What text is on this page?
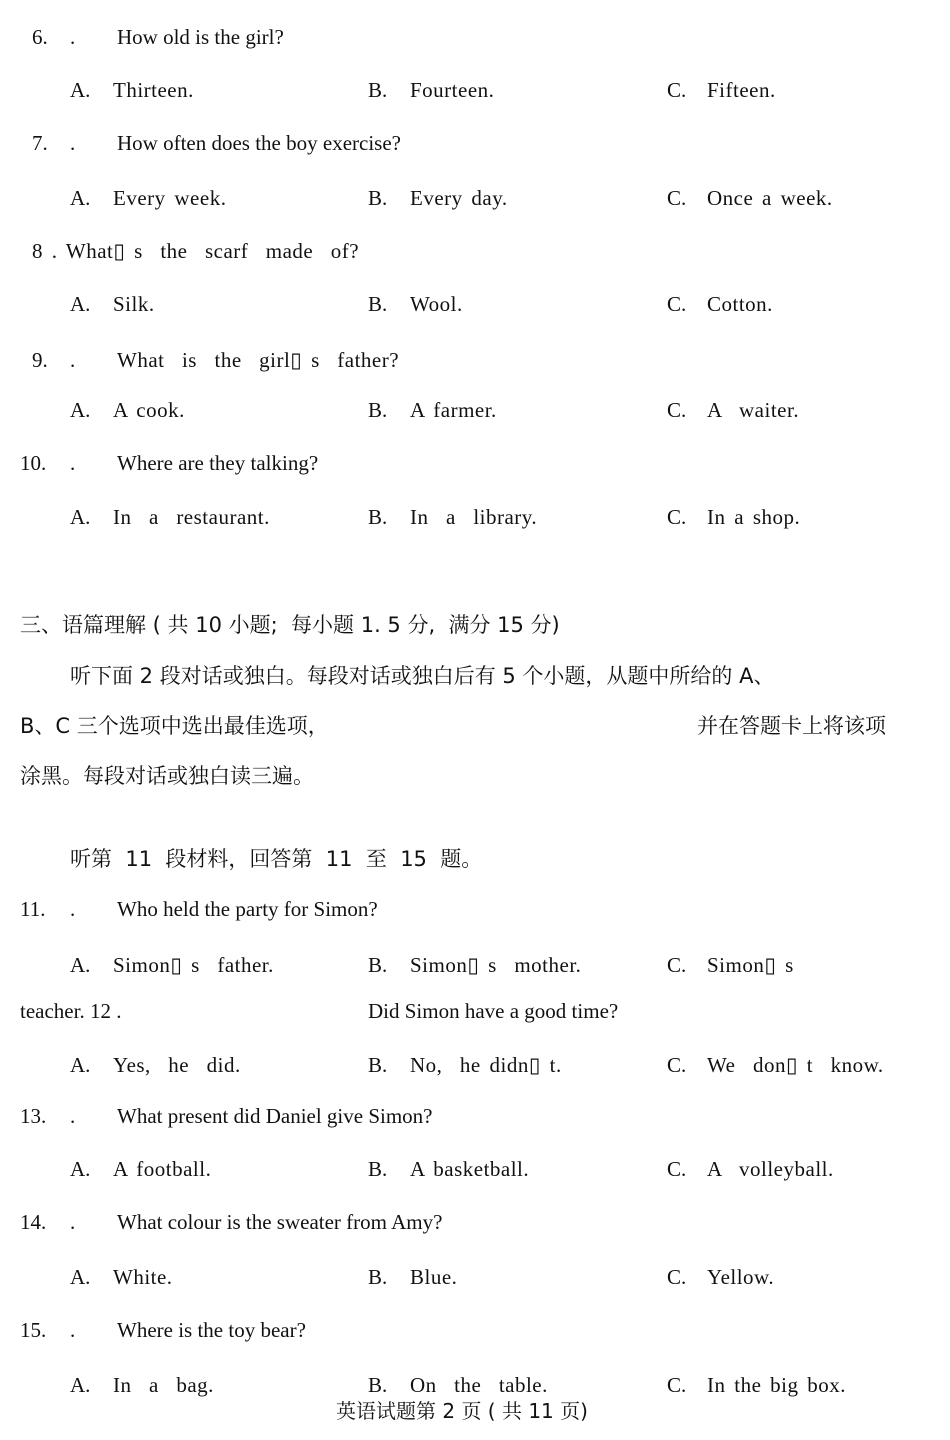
6. . How old is the girl?
A. Thirteen.	B. Fourteen.	C. Fifteen.
7. . How often does the boy exercise?
A. Every week.	B. Every day.	C. Once a week.
8 . What▯ s  the  scarf  made  of?
A. Silk.	B. Wool.	C. Cotton.
9. . What  is  the  girl▯ s  father?
A. A cook.	B. A farmer.	C. A  waiter.
10. . Where are they talking?
A. In  a  restaurant.	B. In  a  library.	C. In a shop.
三、语篇理解 ( 共 10 小题;  每小题 1. 5 分,  满分 15 分)
听下面 2 段对话或独白。每段对话或独白后有 5 个小题，从题中所给的 A、
B、C 三个选项中选出最佳选项，	并在答题卡上将该项
涂黑。每段对话或独白读三遍。
听第  11  段材料，回答第  11  至  15  题。
11. . Who held the party for Simon?
A. Simon▯ s  father.	B. Simon▯ s  mother.	C. Simon▯ s
teacher. 12 .	Did Simon have a good time?
A. Yes,  he  did.	B. No,  he didn▯ t.	C. We  don▯ t  know.
13. . What present did Daniel give Simon?
A. A football.	B. A basketball.	C. A  volleyball.
14. . What colour is the sweater from Amy?
A. White.	B. Blue.	C. Yellow.
15. . Where is the toy bear?
A. In  a  bag.	B. On  the  table.	C. In the big box.
英语试题第 2 页 ( 共 11 页)
